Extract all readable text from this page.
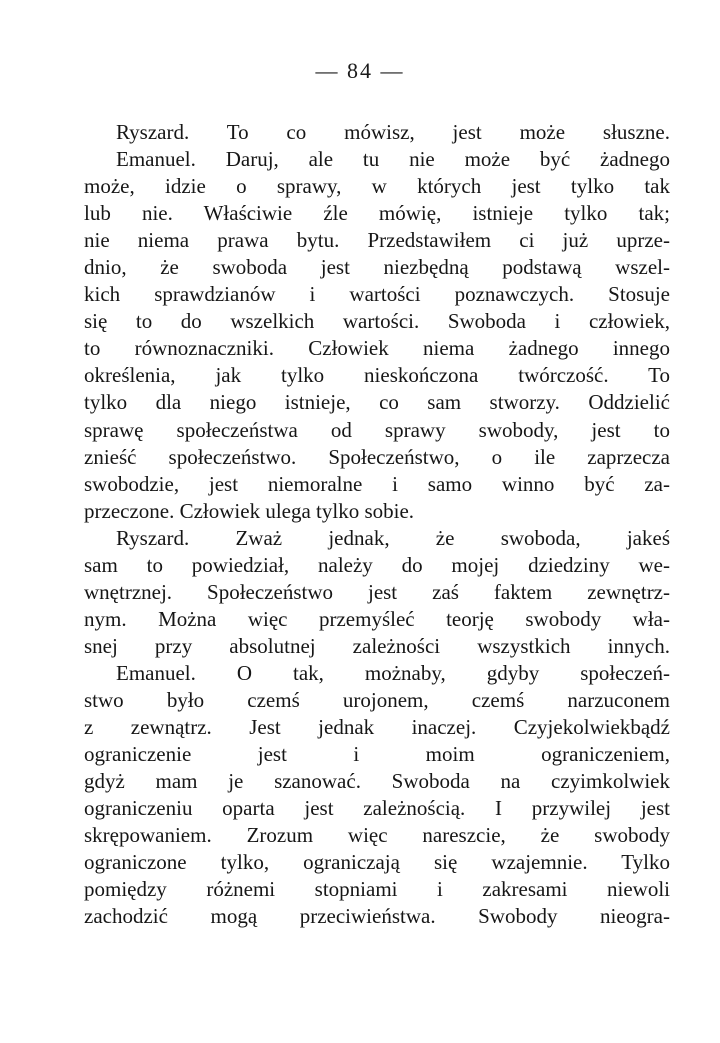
— 84 —
Ryszard. To co mówisz, jest może słuszne.
Emanuel. Daruj, ale tu nie może być żadnego
może, idzie o sprawy, w których jest tylko tak
lub nie. Właściwie źle mówię, istnieje tylko tak;
nie niema prawa bytu. Przedstawiłem ci już uprze-
dnio, że swoboda jest niezbędną podstawą wszel-
kich sprawdzianów i wartości poznawczych. Stosuje
się to do wszelkich wartości. Swoboda i człowiek,
to równoznaczniki. Człowiek niema żadnego innego
określenia, jak tylko nieskończona twórczość. To
tylko dla niego istnieje, co sam stworzy. Oddzielić
sprawę społeczeństwa od sprawy swobody, jest to
znieść społeczeństwo. Społeczeństwo, o ile zaprzecza
swobodzie, jest niemoralne i samo winno być za-
przeczone. Człowiek ulega tylko sobie.
Ryszard. Zważ jednak, że swoboda, jakeś
sam to powiedział, należy do mojej dziedziny we-
wnętrznej. Społeczeństwo jest zaś faktem zewnętrz-
nym. Można więc przemyśleć teorję swobody wła-
snej przy absolutnej zależności wszystkich innych.
Emanuel. O tak, możnaby, gdyby społeczeń-
stwo było czemś urojonem, czemś narzuconem
z zewnątrz. Jest jednak inaczej. Czyjekolwiekbądź
ograniczenie jest i moim ograniczeniem,
gdyż mam je szanować. Swoboda na czyimkolwiek
ograniczeniu oparta jest zależnością. I przywilej jest
skrępowaniem. Zrozum więc nareszcie, że swobody
ograniczone tylko, ograniczają się wzajemnie. Tylko
pomiędzy różnemi stopniami i zakresami niewoli
zachodzić mogą przeciwieństwa. Swobody nieogra-
